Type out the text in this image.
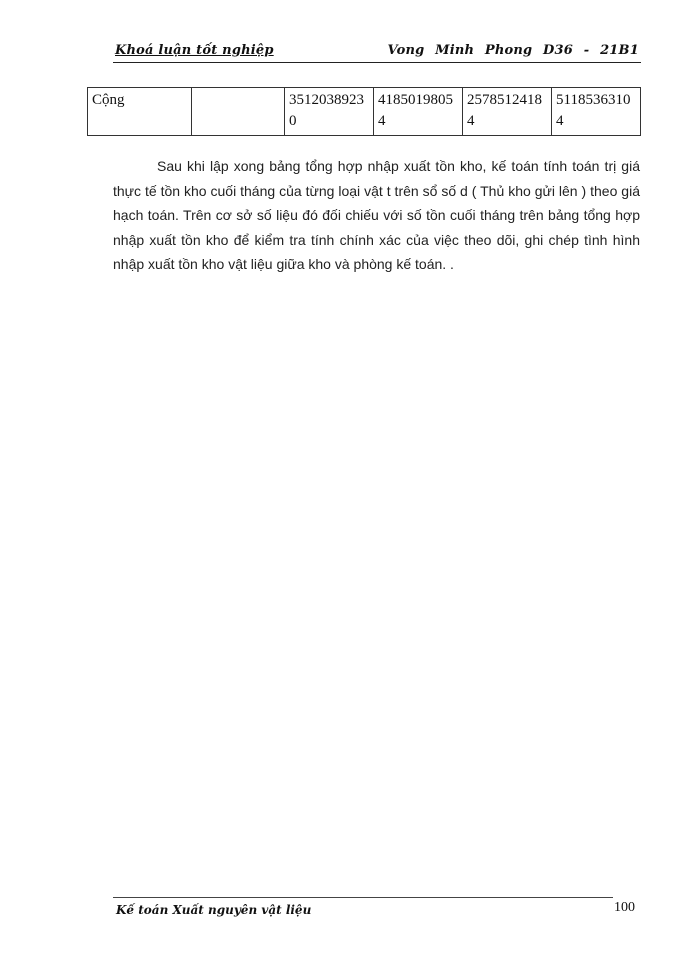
Khoá luận tốt nghiệp	Vong Minh Phong D36 - 21B1
Cộng		35120389230	41850198054	25785124184	51185363104
Sau khi lập xong bảng tổng hợp nhập xuất tồn kho, kế toán tính toán trị giá thực tế tồn kho cuối tháng của từng loại vật t trên sổ số d ( Thủ kho gửi lên ) theo giá hạch toán. Trên cơ sở số liệu đó đối chiếu với số tồn cuối tháng trên bảng tổng hợp nhập xuất tồn kho để kiểm tra tính chính xác của việc theo dõi, ghi chép tình hình nhập xuất tồn kho vật liệu giữa kho và phòng kế toán. .
Kế toán Xuất nguyên vật liệu	100
